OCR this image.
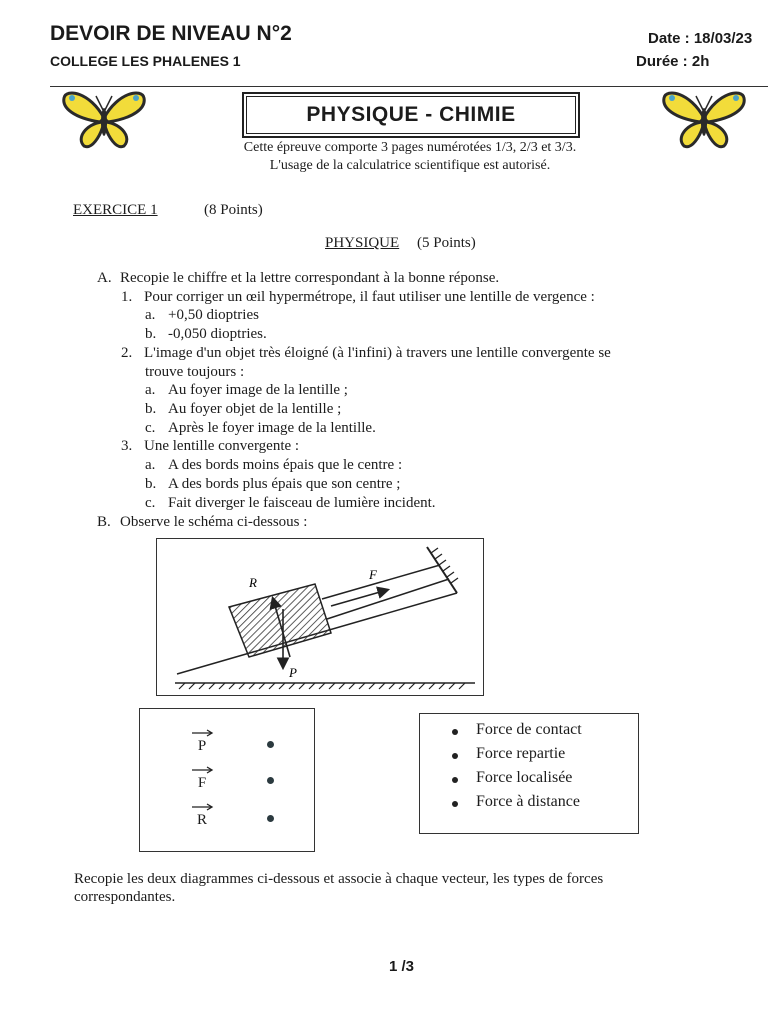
DEVOIR DE NIVEAU N°2
COLLEGE LES PHALENES 1
Date : 18/03/23
Durée : 2h
PHYSIQUE - CHIMIE
Cette épreuve comporte 3 pages numérotées 1/3, 2/3 et 3/3.
L'usage de la calculatrice scientifique est autorisé.
EXERCICE 1	(8 Points)
PHYSIQUE (5 Points)
A. Recopie le chiffre et la lettre correspondant à la bonne réponse.
1. Pour corriger un œil hypermétrope, il faut utiliser une lentille de vergence :
a. +0,50 dioptries
b. -0,050 dioptries.
2. L'image d'un objet très éloigné (à l'infini) à travers une lentille convergente se
trouve toujours :
a. Au foyer image de la lentille ;
b. Au foyer objet de la lentille ;
c. Après le foyer image de la lentille.
3. Une lentille convergente :
a. A des bords moins épais que le centre :
b. A des bords plus épais que son centre ;
c. Fait diverger le faisceau de lumière incident.
B. Observe le schéma ci-dessous :
F
R
P
P
F
R
Force de contact
Force repartie
Force localisée
Force à distance
Recopie les deux diagrammes ci-dessous et associe à chaque vecteur, les types de forces
correspondantes.
1 /3
